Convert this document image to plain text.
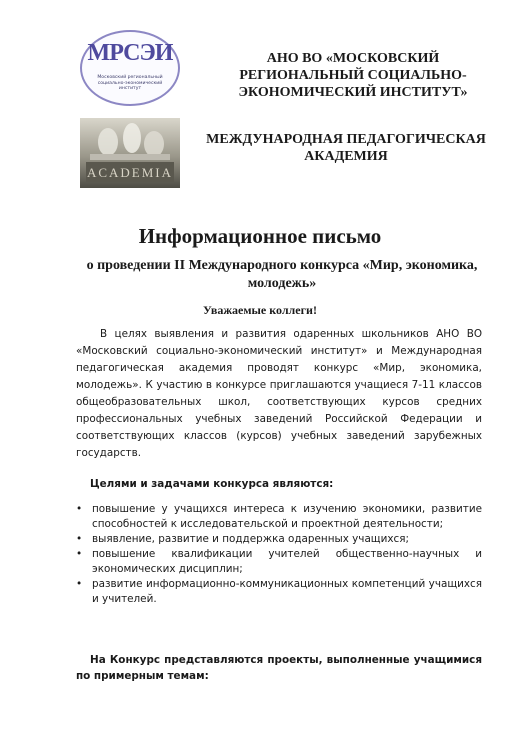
МРСЭИ
Московский региональный социально-экономический институт
АНО ВО «МОСКОВСКИЙ РЕГИОНАЛЬНЫЙ СОЦИАЛЬНО-ЭКОНОМИЧЕСКИЙ ИНСТИТУТ»
ACADEMIA
МЕЖДУНАРОДНАЯ ПЕДАГОГИЧЕСКАЯ АКАДЕМИЯ
Информационное письмо
о проведении II Международного конкурса «Мир, экономика, молодежь»
Уважаемые коллеги!

В целях выявления и развития одаренных школьников АНО ВО «Московский социально-экономический институт» и Международная педагогическая академия проводят конкурс «Мир, экономика, молодежь». К участию в конкурсе приглашаются учащиеся 7-11 классов общеобразовательных школ, соответствующих курсов средних профессиональных учебных заведений Российской Федерации и соответствующих классов (курсов) учебных заведений зарубежных государств.

Целями и задачами конкурса являются:
• повышение у учащихся интереса к изучению экономики, развитие способностей к исследовательской и проектной деятельности;
• выявление, развитие и поддержка одаренных учащихся;
• повышение квалификации учителей общественно-научных и экономических дисциплин;
• развитие информационно-коммуникационных компетенций учащихся и учителей.

На Конкурс представляются проекты, выполненные учащимися по примерным темам:
